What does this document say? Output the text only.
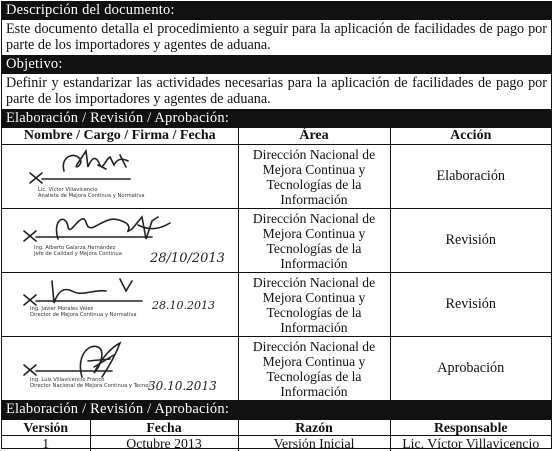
Descripción del documento:
Este documento detalla el procedimiento a seguir para la aplicación de facilidades de pago por parte de los importadores y agentes de aduana.
Objetivo:
Definir y estandarizar las actividades necesarias para la aplicación de facilidades de pago por parte de los importadores y agentes de aduana.
Elaboración / Revisión / Aprobación:
Nombre / Cargo / Firma / Fecha	Área	Acción

Lic. Víctor Villavicencio
Analista de Mejora Continua y Normativa	Dirección Nacional de Mejora Continua y Tecnologías de la Información	Elaboración

Ing. Alberto Galarza Hernández
Jefe de Calidad y Mejora Continua 28/10/2013	Dirección Nacional de Mejora Continua y Tecnologías de la Información	Revisión

Ing. Javier Morales Vélez
Director de Mejora Continua y Normativa
28.10.2013	Dirección Nacional de Mejora Continua y Tecnologías de la Información	Revisión

Ing. Luis Villavicencio Franco
Director Nacional de Mejora Continua y Tecnol...
30.10.2013	Dirección Nacional de Mejora Continua y Tecnologías de la Información	Aprobación
Elaboración / Revisión / Aprobación:
Versión	Fecha	Razón	Responsable
1	Octubre 2013	Versión Inicial	Lic. Víctor Villavicencio
